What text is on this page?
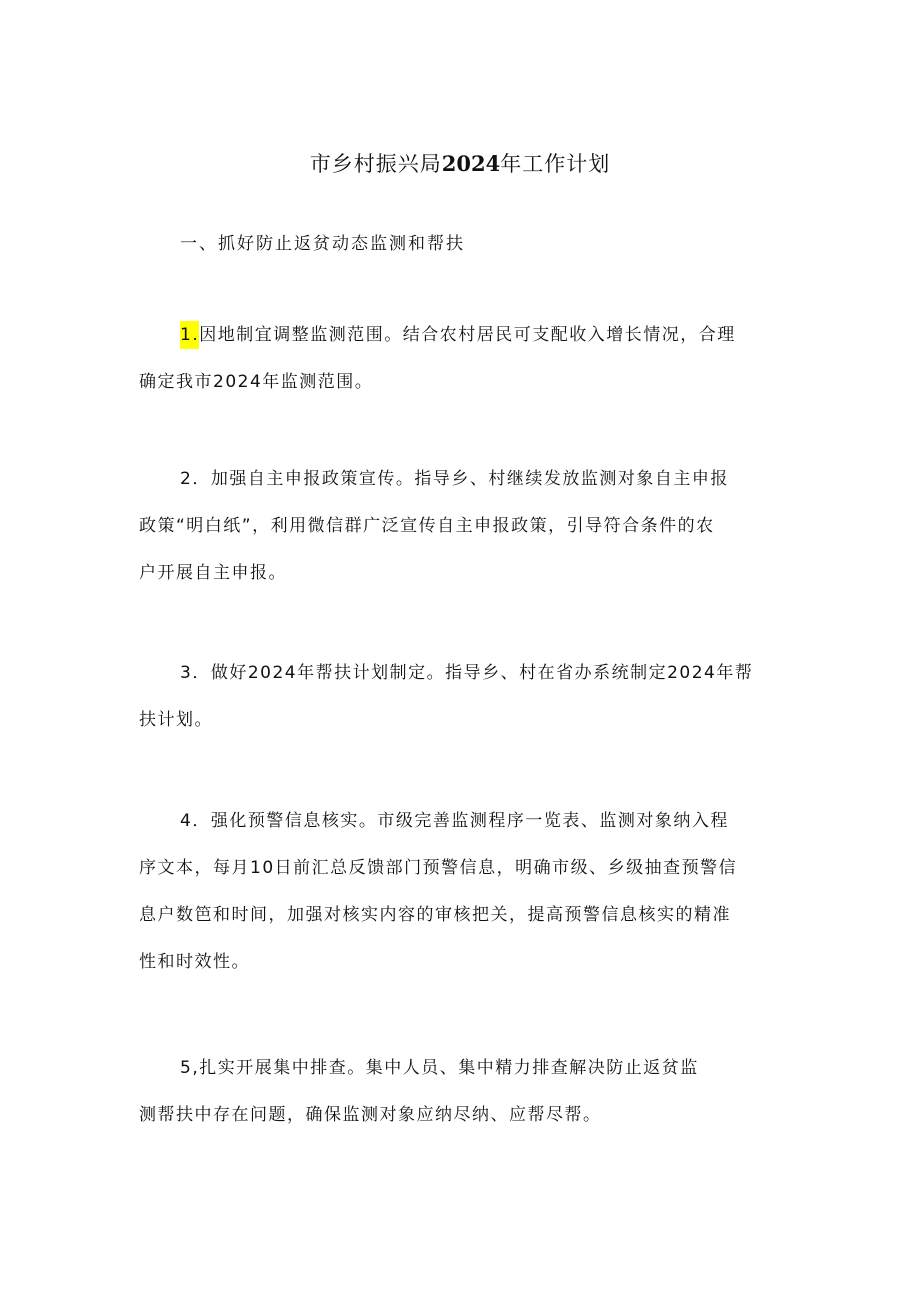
市乡村振兴局2024年工作计划
一、抓好防止返贫动态监测和帮扶

1.因地制宜调整监测范围。结合农村居民可支配收入增长情况，合理
确定我市2024年监测范围。

2．加强自主申报政策宣传。指导乡、村继续发放监测对象自主申报
政策“明白纸”，利用微信群广泛宣传自主申报政策，引导符合条件的农
户开展自主申报。

3．做好2024年帮扶计划制定。指导乡、村在省办系统制定2024年帮
扶计划。

4．强化预警信息核实。市级完善监测程序一览表、监测对象纳入程
序文本，每月10日前汇总反馈部门预警信息，明确市级、乡级抽查预警信
息户数笆和时间，加强对核实内容的审核把关，提高预警信息核实的精准
性和时效性。

5,扎实开展集中排查。集中人员、集中精力排查解决防止返贫监
测帮扶中存在问题，确保监测对象应纳尽纳、应帮尽帮。
